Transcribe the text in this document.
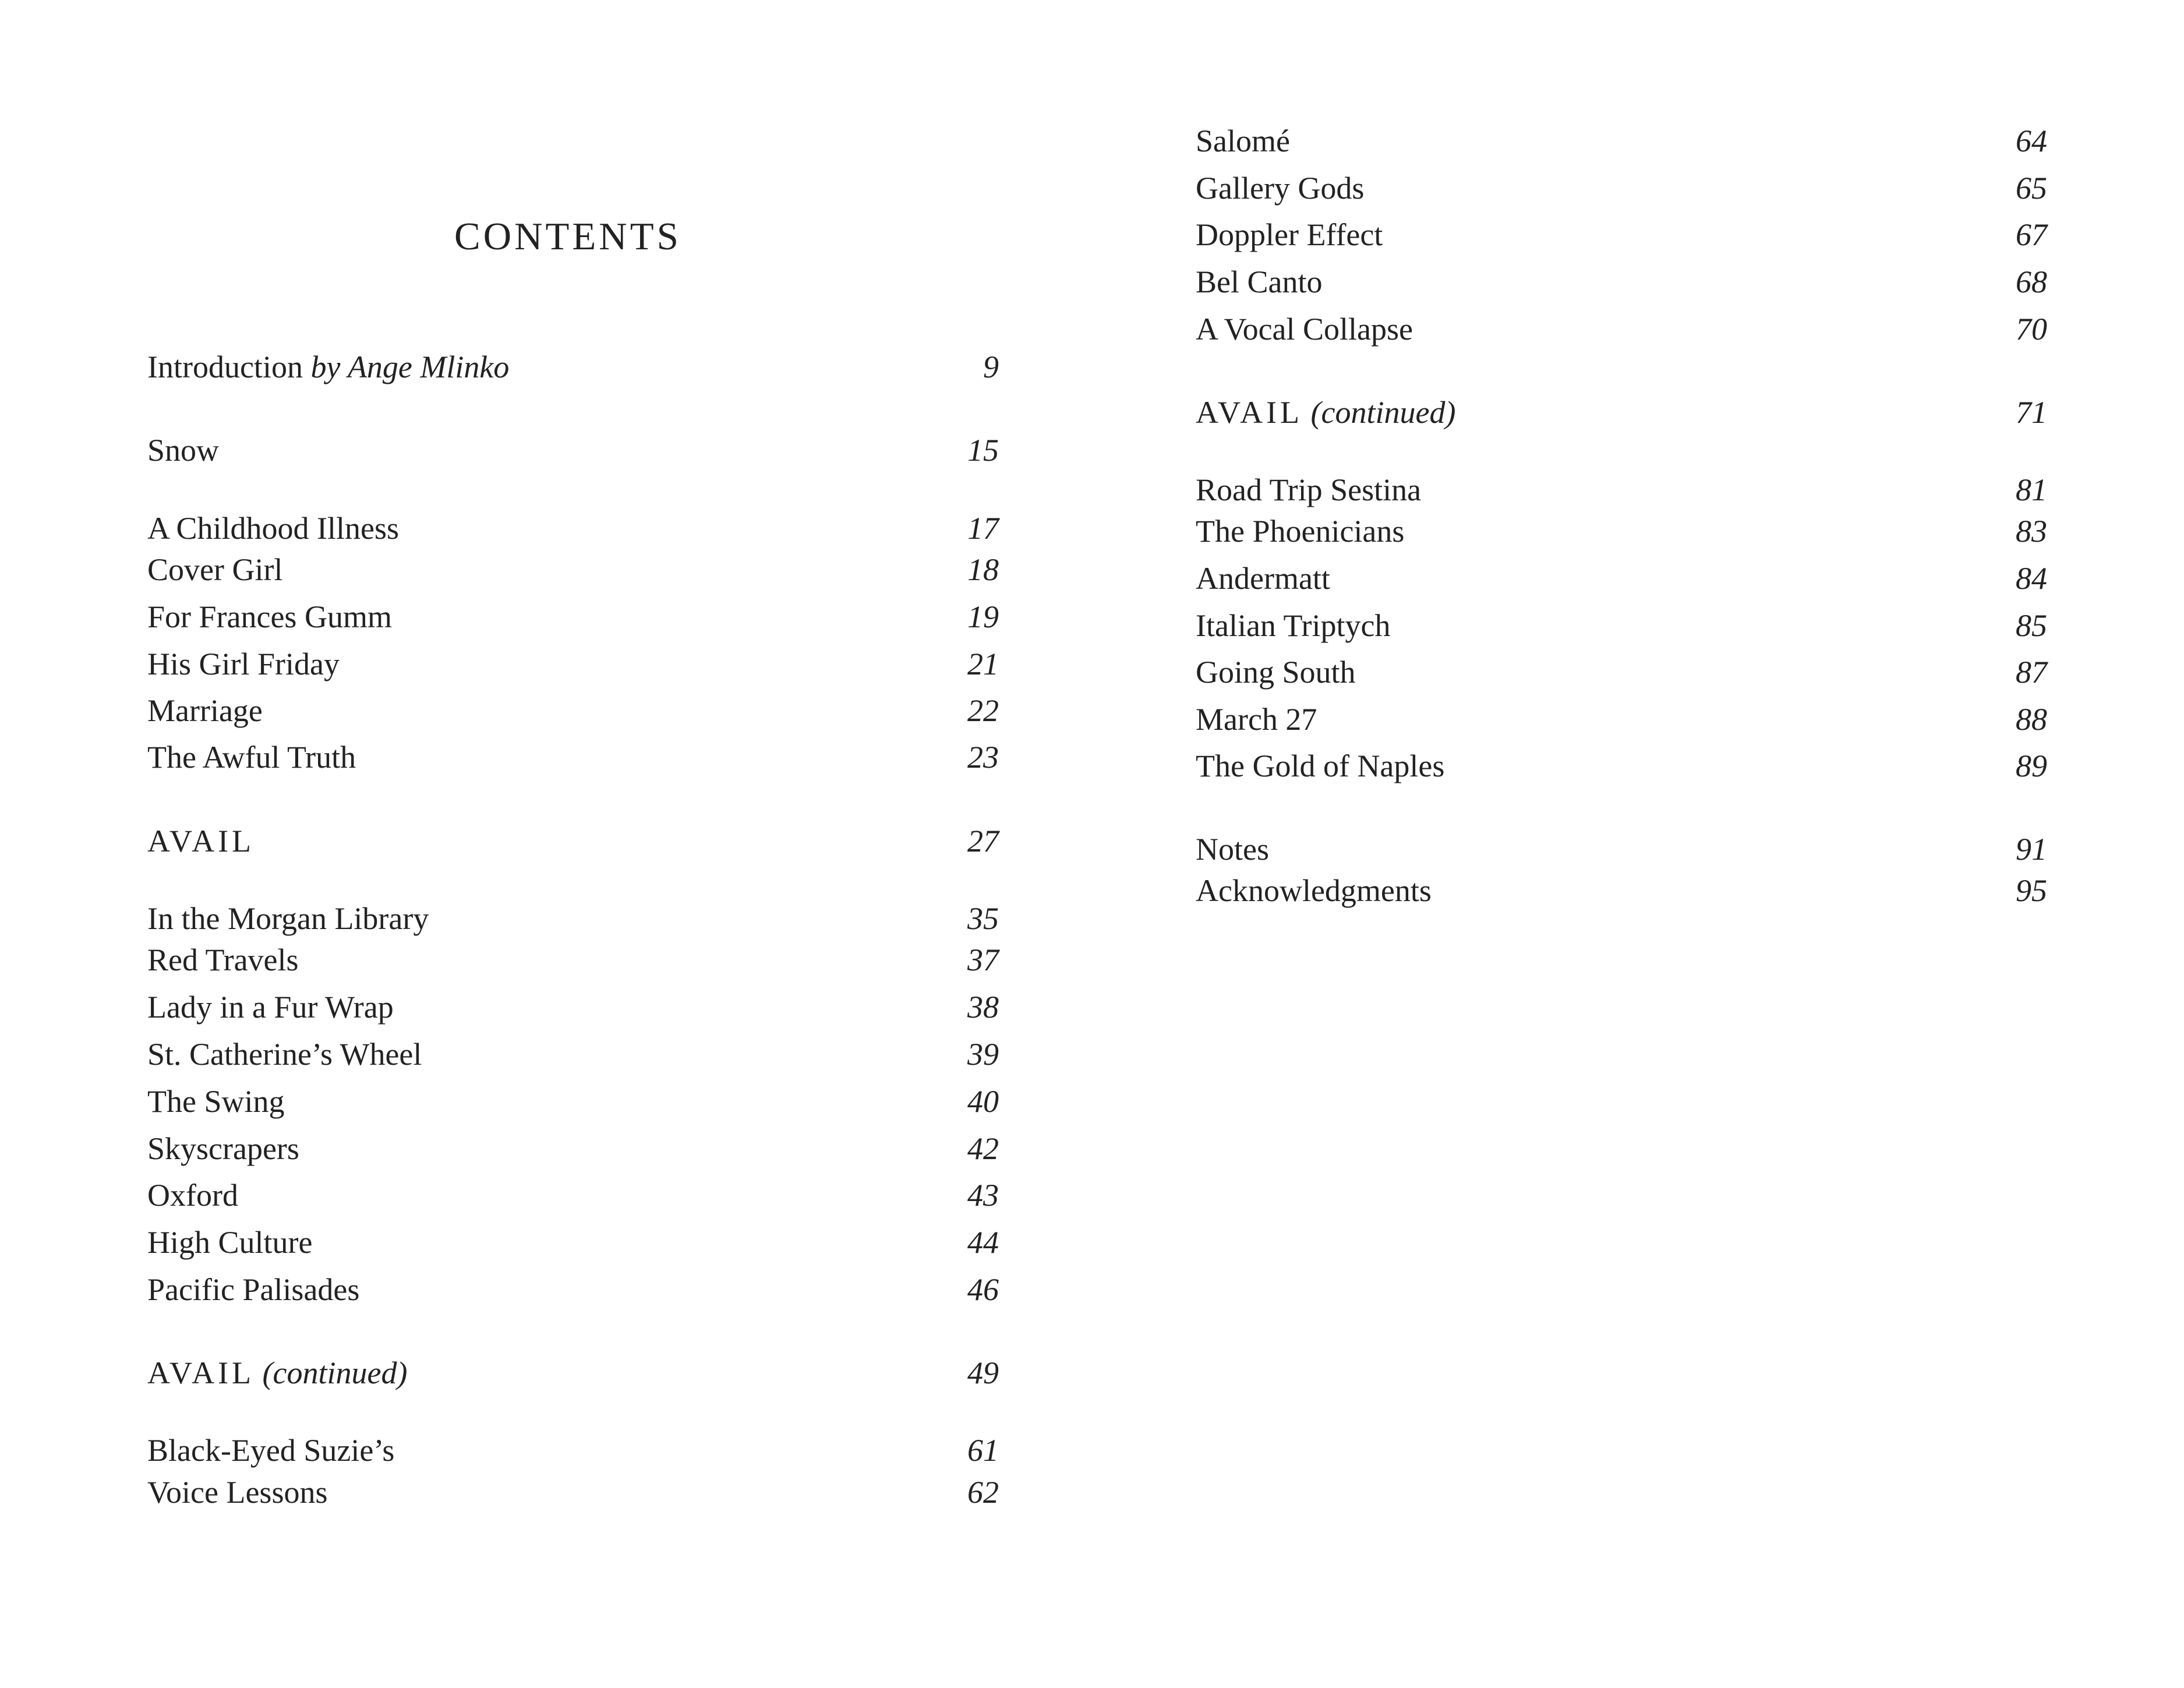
CONTENTS
Introduction by Ange Mlinko	9
Snow	15
A Childhood Illness	17
Cover Girl	18
For Frances Gumm	19
His Girl Friday	21
Marriage	22
The Awful Truth	23
AVAIL	27
In the Morgan Library	35
Red Travels	37
Lady in a Fur Wrap	38
St. Catherine’s Wheel	39
The Swing	40
Skyscrapers	42
Oxford	43
High Culture	44
Pacific Palisades	46
AVAIL (continued)	49
Black-Eyed Suzie’s	61
Voice Lessons	62
Salomé	64
Gallery Gods	65
Doppler Effect	67
Bel Canto	68
A Vocal Collapse	70
AVAIL (continued)	71
Road Trip Sestina	81
The Phoenicians	83
Andermatt	84
Italian Triptych	85
Going South	87
March 27	88
The Gold of Naples	89
Notes	91
Acknowledgments	95
